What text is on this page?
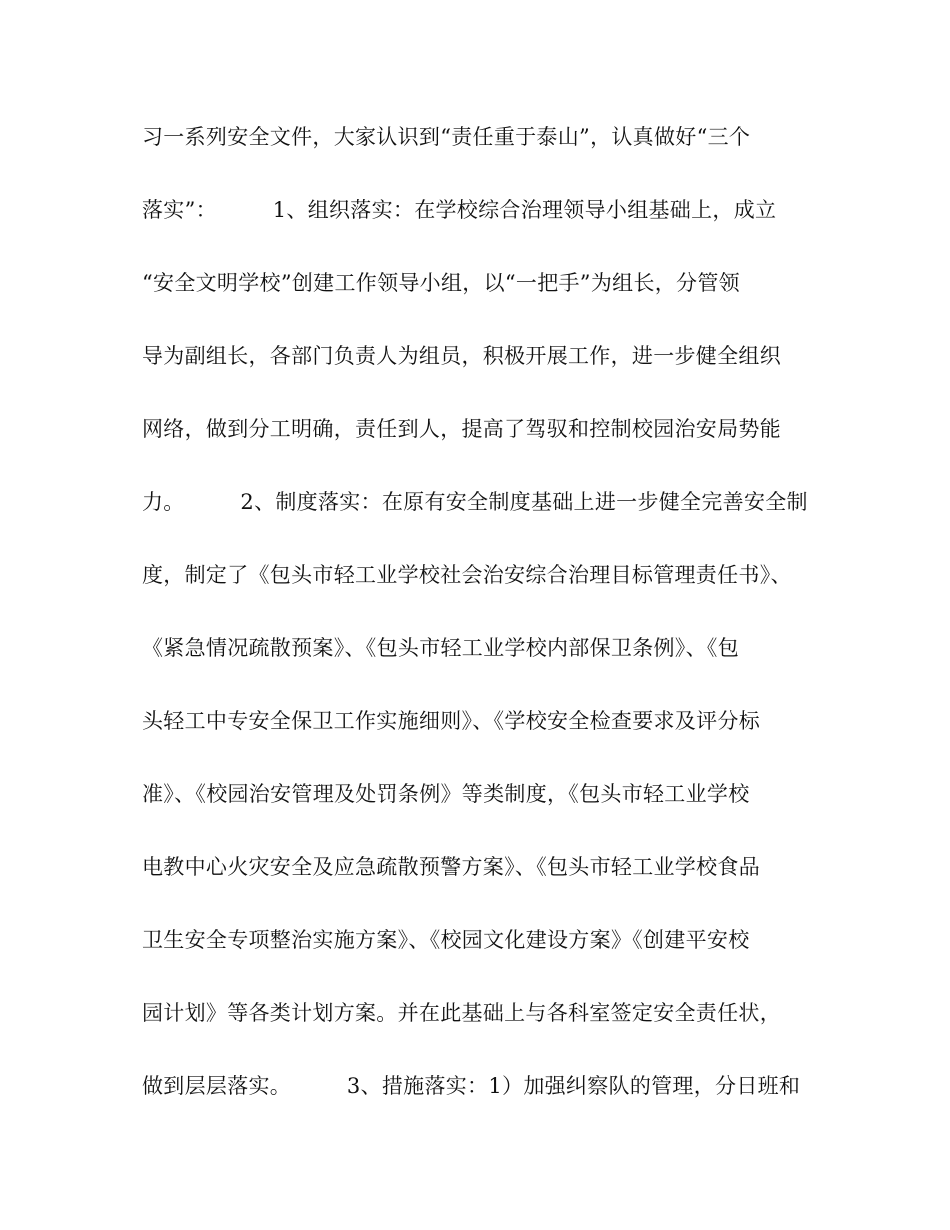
习一系列安全文件，大家认识到“责任重于泰山”，认真做好“三个
落实”：        1、组织落实：在学校综合治理领导小组基础上，成立
“安全文明学校”创建工作领导小组，以“一把手”为组长，分管领
导为副组长，各部门负责人为组员，积极开展工作，进一步健全组织
网络，做到分工明确，责任到人，提高了驾驭和控制校园治安局势能
力。        2、制度落实：在原有安全制度基础上进一步健全完善安全制
度，制定了《包头市轻工业学校社会治安综合治理目标管理责任书》、
《紧急情况疏散预案》、《包头市轻工业学校内部保卫条例》、《包
头轻工中专安全保卫工作实施细则》、《学校安全检查要求及评分标
准》、《校园治安管理及处罚条例》等类制度，《包头市轻工业学校
电教中心火灾安全及应急疏散预警方案》、《包头市轻工业学校食品
卫生安全专项整治实施方案》、《校园文化建设方案》《创建平安校
园计划》等各类计划方案。并在此基础上与各科室签定安全责任状，
做到层层落实。        3、措施落实：1）加强纠察队的管理，分日班和
